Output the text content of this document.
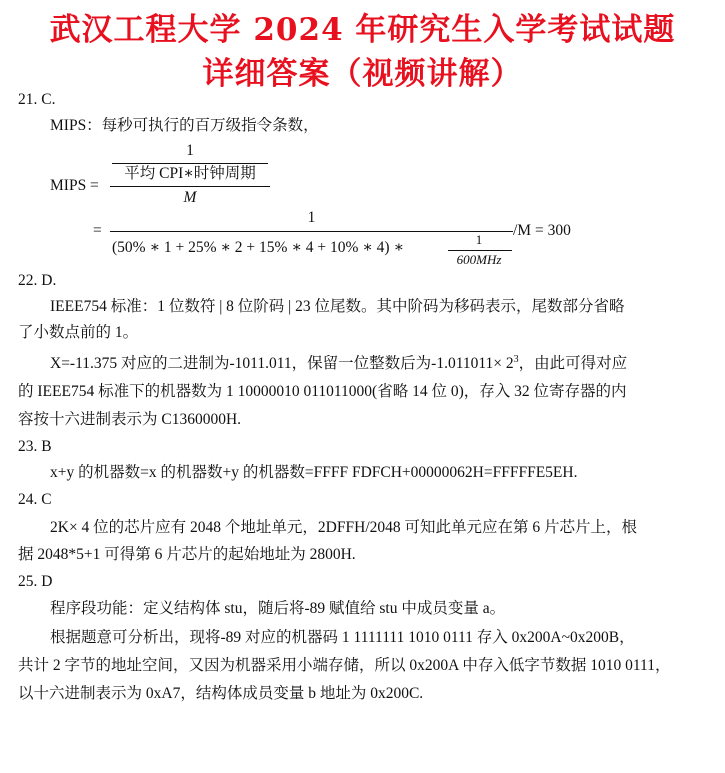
武汉工程大学 2024 年研究生入学考试试题
详细答案（视频讲解）
21. C.
MIPS：每秒可执行的百万级指令条数，
1
平均 CPI∗时钟周期
MIPS =
M
=
1
(50% ∗ 1 + 25% ∗ 2 + 15% ∗ 4 + 10% ∗ 4) ∗	1
600MHz
/M = 300
22. D.
IEEE754 标准：1 位数符 | 8 位阶码 | 23 位尾数。其中阶码为移码表示，尾数部分省略
了小数点前的 1。
X=-11.375 对应的二进制为-1011.011，保留一位整数后为$-1.011011\times 2^3$，由此可得对应
的 IEEE754 标准下的机器数为 1 10000010 011011000(省略 14 位 0)，存入 32 位寄存器的内
容按十六进制表示为 C1360000H.
23. B
x+y 的机器数=x 的机器数+y 的机器数=FFFF FDFCH+00000062H=FFFFFE5EH.
24. C
2K× 4 位的芯片应有 2048 个地址单元，2DFFH/2048 可知此单元应在第 6 片芯片上，根
据 2048*5+1 可得第 6 片芯片的起始地址为 2800H.
25. D
程序段功能：定义结构体 stu，随后将-89 赋值给 stu 中成员变量 a。
根据题意可分析出，现将-89 对应的机器码 1 1111111 1010 0111 存入 0x200A~0x200B，
共计 2 字节的地址空间，又因为机器采用小端存储，所以 0x200A 中存入低字节数据 1010 0111，
以十六进制表示为 0xA7，结构体成员变量 b 地址为 0x200C.
